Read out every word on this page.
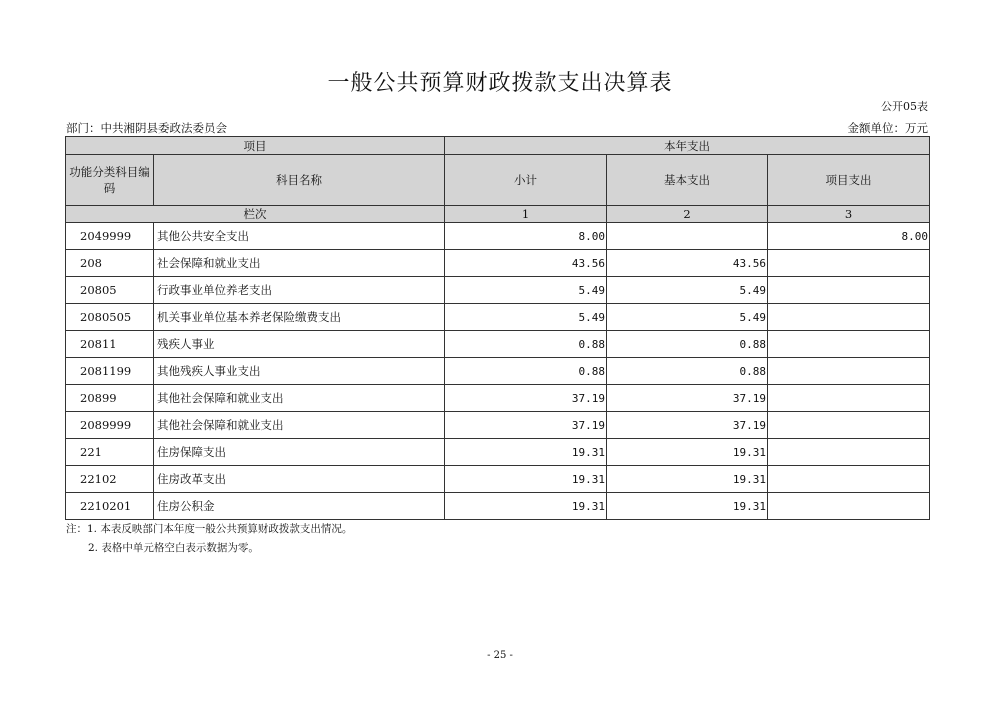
一般公共预算财政拨款支出决算表
公开05表
部门：中共湘阴县委政法委员会	金额单位：万元
项目		本年支出		
功能分类科目编码	科目名称	小计	基本支出	项目支出
栏次		1	2	3
2049999	其他公共安全支出	8.00		8.00
208	社会保障和就业支出	43.56	43.56	
20805	行政事业单位养老支出	5.49	5.49	
2080505	机关事业单位基本养老保险缴费支出	5.49	5.49	
20811	残疾人事业	0.88	0.88	
2081199	其他残疾人事业支出	0.88	0.88	
20899	其他社会保障和就业支出	37.19	37.19	
2089999	其他社会保障和就业支出	37.19	37.19	
221	住房保障支出	19.31	19.31	
22102	住房改革支出	19.31	19.31	
2210201	住房公积金	19.31	19.31	
注：1. 本表反映部门本年度一般公共预算财政拨款支出情况。
2. 表格中单元格空白表示数据为零。
- 25 -
